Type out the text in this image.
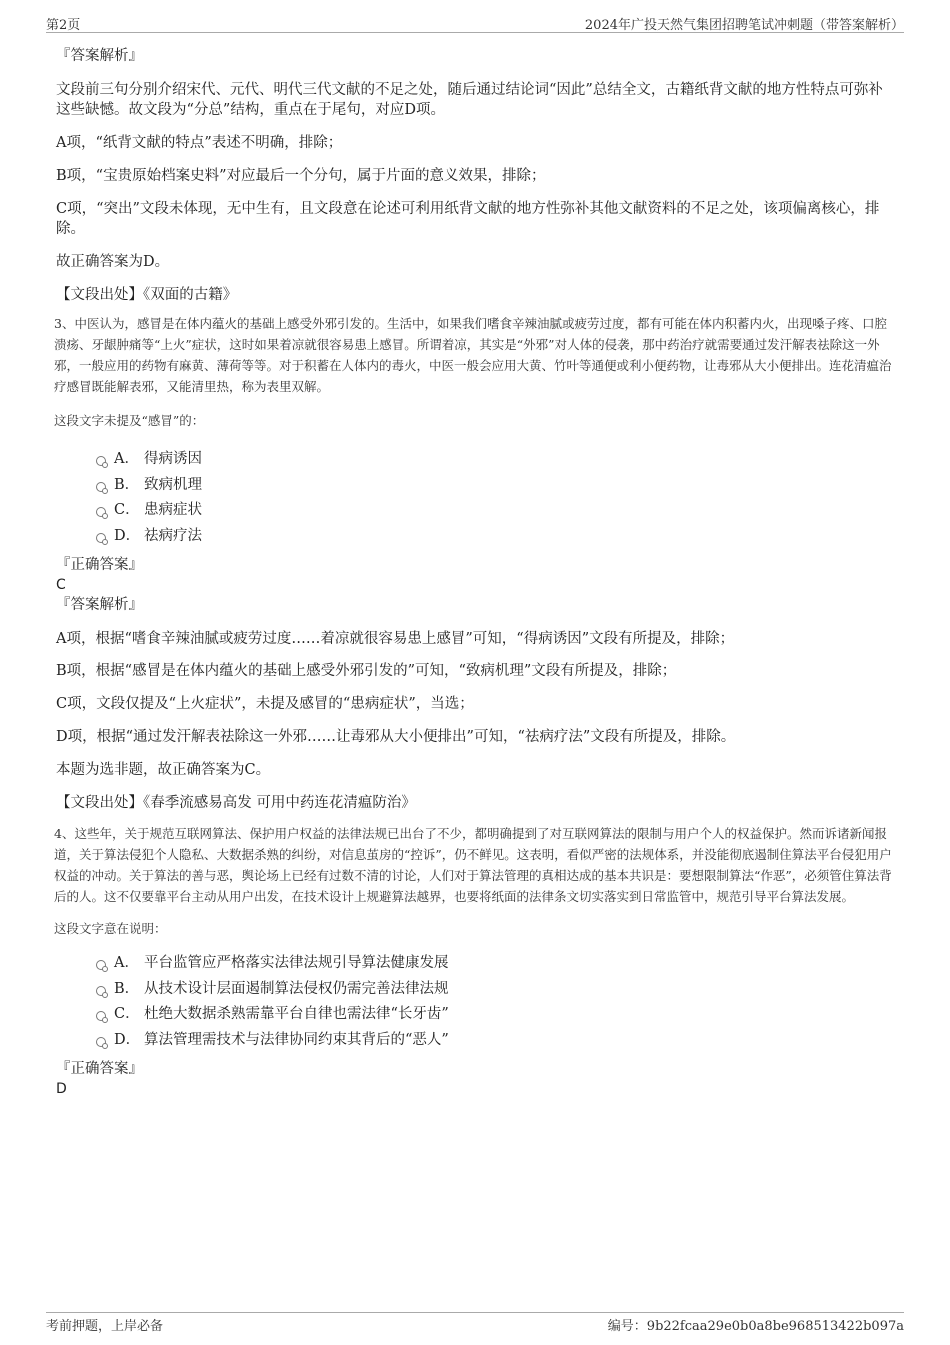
第2页	2024年广投天然气集团招聘笔试冲刺题（带答案解析）

『答案解析』

文段前三句分别介绍宋代、元代、明代三代文献的不足之处，随后通过结论词“因此”总结全文，古籍纸背文献的地方性特点可弥补这些缺憾。故文段为“分总”结构，重点在于尾句，对应D项。

A项，“纸背文献的特点”表述不明确，排除；

B项，“宝贵原始档案史料”对应最后一个分句，属于片面的意义效果，排除；

C项，“突出”文段未体现，无中生有，且文段意在论述可利用纸背文献的地方性弥补其他文献资料的不足之处，该项偏离核心，排除。

故正确答案为D。

【文段出处】《双面的古籍》

3、中医认为，感冒是在体内蕴火的基础上感受外邪引发的。生活中，如果我们嗜食辛辣油腻或疲劳过度，都有可能在体内积蓄内火，出现嗓子疼、口腔溃疡、牙龈肿痛等“上火”症状，这时如果着凉就很容易患上感冒。所谓着凉，其实是“外邪”对人体的侵袭，那中药治疗就需要通过发汗解表祛除这一外邪，一般应用的药物有麻黄、薄荷等等。对于积蓄在人体内的毒火，中医一般会应用大黄、竹叶等通便或利小便药物，让毒邪从大小便排出。连花清瘟治疗感冒既能解表邪，又能清里热，称为表里双解。

这段文字未提及“感冒”的：

A． 得病诱因
B． 致病机理
C． 患病症状
D． 祛病疗法

『正确答案』

C

『答案解析』

A项，根据“嗜食辛辣油腻或疲劳过度……着凉就很容易患上感冒”可知，“得病诱因”文段有所提及，排除；

B项，根据“感冒是在体内蕴火的基础上感受外邪引发的”可知，“致病机理”文段有所提及，排除；

C项，文段仅提及“上火症状”，未提及感冒的“患病症状”，当选；

D项，根据“通过发汗解表祛除这一外邪……让毒邪从大小便排出”可知，“祛病疗法”文段有所提及，排除。

本题为选非题，故正确答案为C。

【文段出处】《春季流感易高发 可用中药连花清瘟防治》

4、这些年，关于规范互联网算法、保护用户权益的法律法规已出台了不少，都明确提到了对互联网算法的限制与用户个人的权益保护。然而诉诸新闻报道，关于算法侵犯个人隐私、大数据杀熟的纠纷，对信息茧房的“控诉”，仍不鲜见。这表明，看似严密的法规体系，并没能彻底遏制住算法平台侵犯用户权益的冲动。关于算法的善与恶，舆论场上已经有过数不清的讨论，人们对于算法管理的真相达成的基本共识是：要想限制算法“作恶”，必须管住算法背后的人。这不仅要靠平台主动从用户出发，在技术设计上规避算法越界，也要将纸面的法律条文切实落实到日常监管中，规范引导平台算法发展。

这段文字意在说明：

A． 平台监管应严格落实法律法规引导算法健康发展
B． 从技术设计层面遏制算法侵权仍需完善法律法规
C． 杜绝大数据杀熟需靠平台自律也需法律“长牙齿”
D． 算法管理需技术与法律协同约束其背后的“恶人”

『正确答案』

D

考前押题，上岸必备	编号：9b22fcaa29e0b0a8be968513422b097a
